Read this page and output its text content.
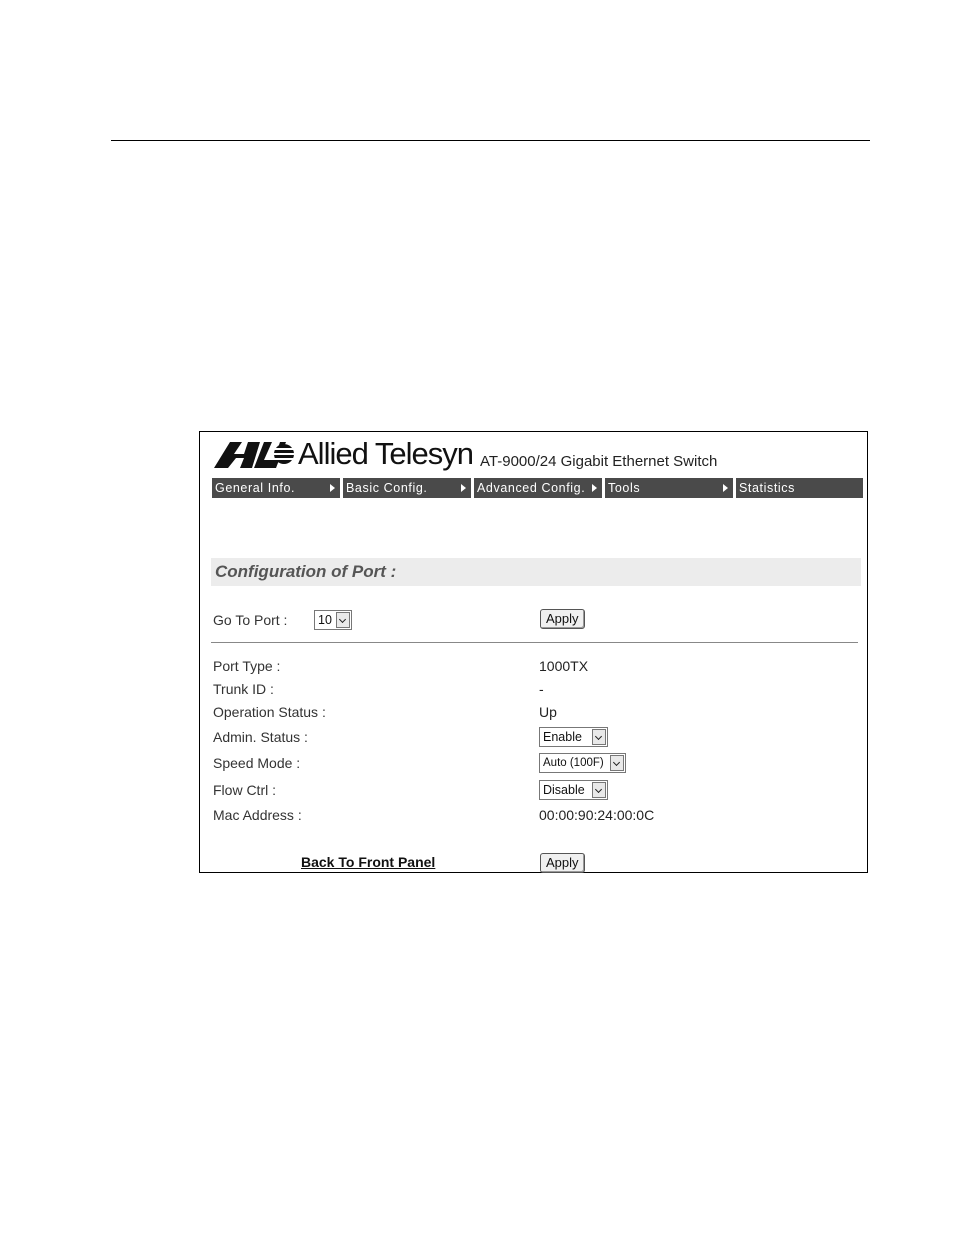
Allied Telesyn AT-9000/24 Gigabit Ethernet Switch
General Info.	Basic Config.	Advanced Config.	Tools	Statistics
Configuration of Port :
Go To Port :	10	Apply
Port Type :	1000TX
Trunk ID :	-
Operation Status :	Up
Admin. Status :	Enable
Speed Mode :	Auto (100F)
Flow Ctrl :	Disable
Mac Address :	00:00:90:24:00:0C
Back To Front Panel	Apply
